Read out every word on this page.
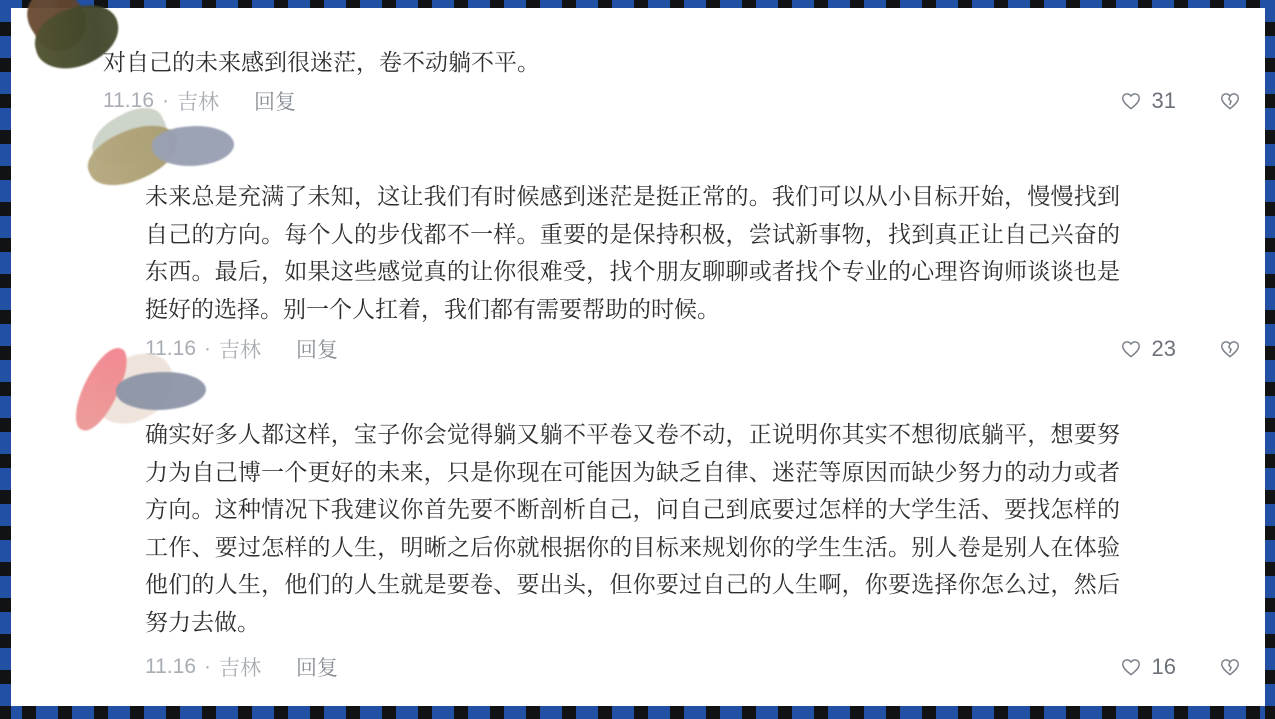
对自己的未来感到很迷茫，卷不动躺不平。
11.16 · 吉林 回复	31
未来总是充满了未知，这让我们有时候感到迷茫是挺正常的。我们可以从小目标开始，慢慢找到自己的方向。每个人的步伐都不一样。重要的是保持积极，尝试新事物，找到真正让自己兴奋的东西。最后，如果这些感觉真的让你很难受，找个朋友聊聊或者找个专业的心理咨询师谈谈也是挺好的选择。别一个人扛着，我们都有需要帮助的时候。
11.16 · 吉林 回复	23
确实好多人都这样，宝子你会觉得躺又躺不平卷又卷不动，正说明你其实不想彻底躺平，想要努力为自己博一个更好的未来，只是你现在可能因为缺乏自律、迷茫等原因而缺少努力的动力或者方向。这种情况下我建议你首先要不断剖析自己，问自己到底要过怎样的大学生活、要找怎样的工作、要过怎样的人生，明晰之后你就根据你的目标来规划你的学生生活。别人卷是别人在体验他们的人生，他们的人生就是要卷、要出头，但你要过自己的人生啊，你要选择你怎么过，然后努力去做。
11.16 · 吉林 回复	16
